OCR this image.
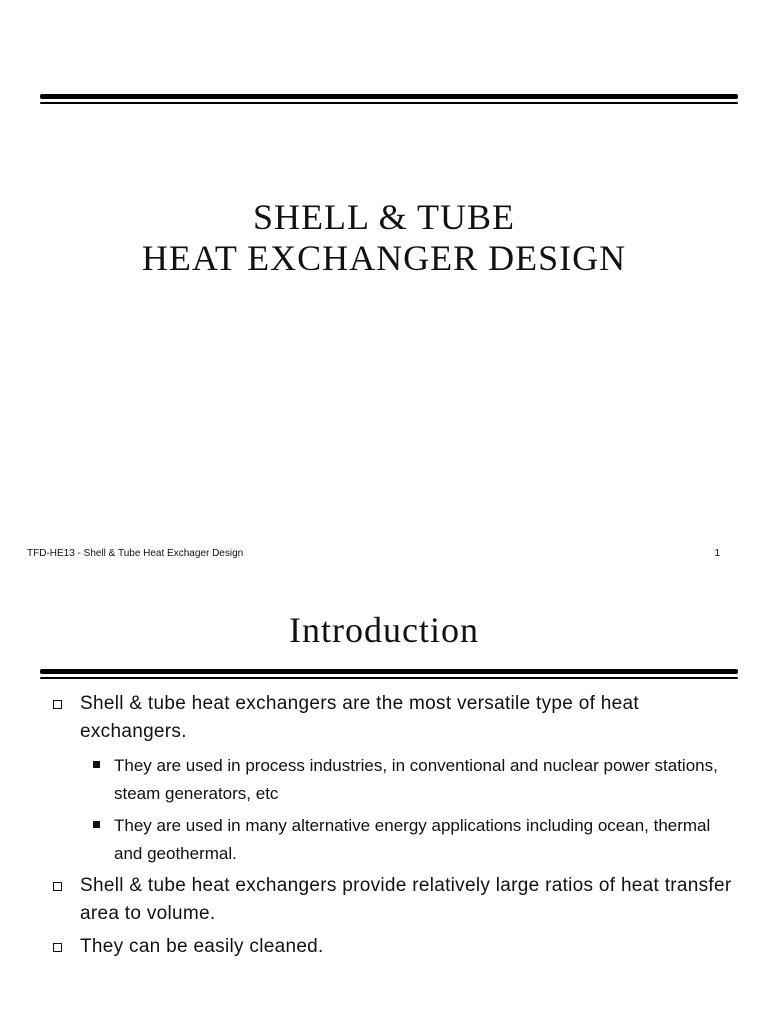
SHELL & TUBE
HEAT EXCHANGER DESIGN
TFD-HE13 - Shell & Tube Heat Exchager Design	1
Introduction
Shell & tube heat exchangers are the most versatile type of heat exchangers.
They are used in process industries, in conventional and nuclear power stations, steam generators, etc
They are used in many alternative energy applications including ocean, thermal and geothermal.
Shell & tube heat exchangers provide relatively large ratios of heat transfer area to volume.
They can be easily cleaned.
